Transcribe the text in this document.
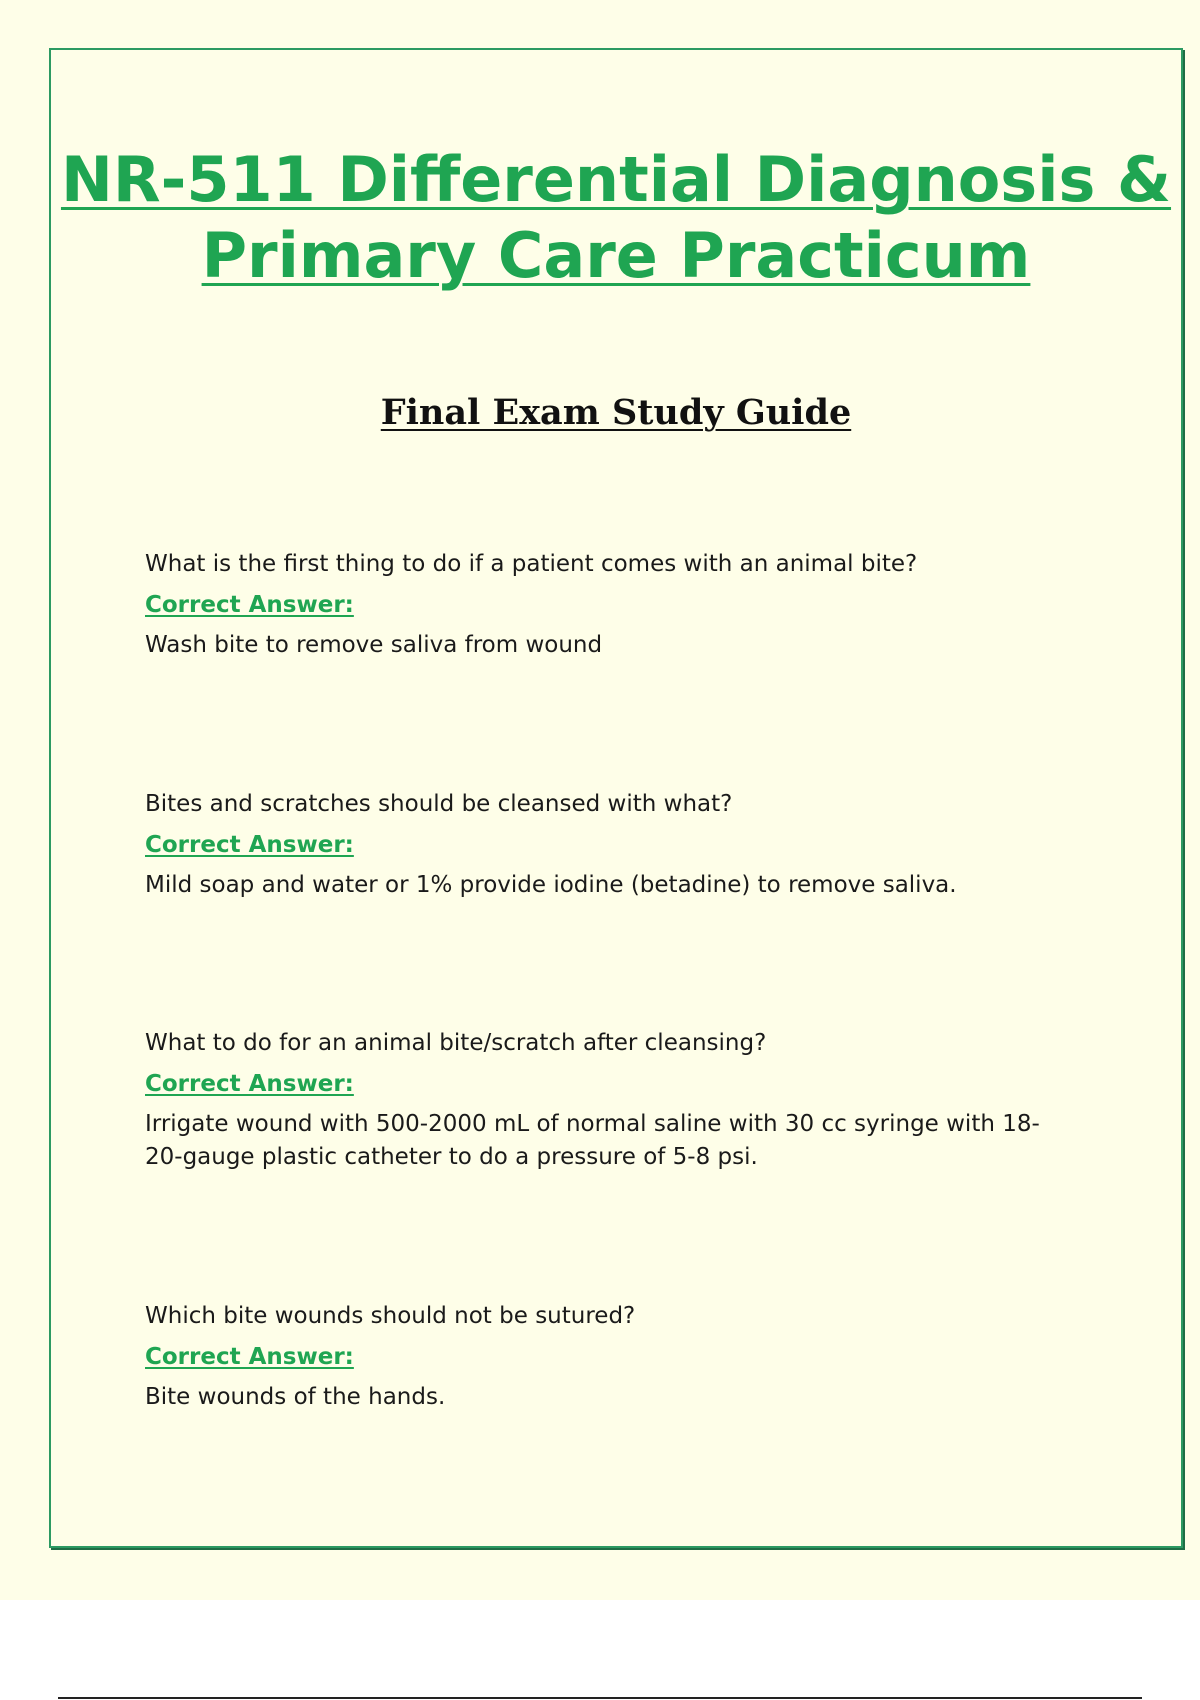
NR-511 Differential Diagnosis & Primary Care Practicum
Final Exam Study Guide

What is the first thing to do if a patient comes with an animal bite?

Correct Answer:

Wash bite to remove saliva from wound

Bites and scratches should be cleansed with what?

Correct Answer:

Mild soap and water or 1% provide iodine (betadine) to remove saliva.

What to do for an animal bite/scratch after cleansing?

Correct Answer:

Irrigate wound with 500-2000 mL of normal saline with 30 cc syringe with 18-20-gauge plastic catheter to do a pressure of 5-8 psi.

Which bite wounds should not be sutured?

Correct Answer:

Bite wounds of the hands.
